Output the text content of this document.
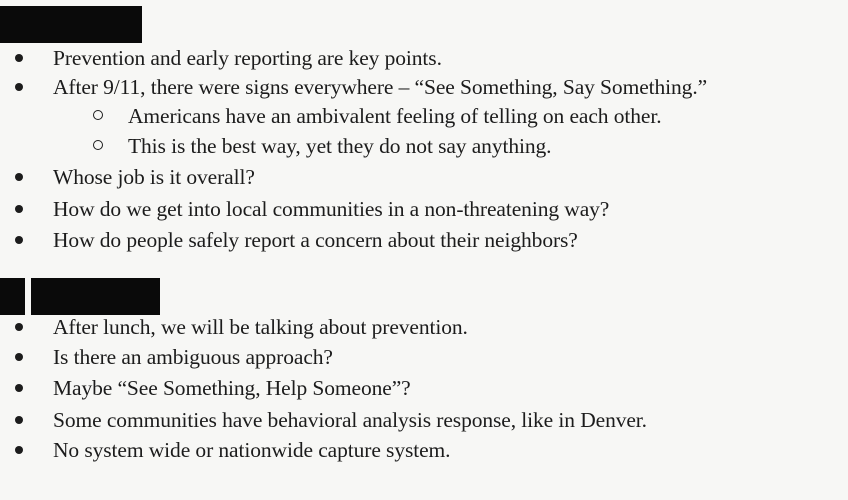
Prevention and early reporting are key points.
After 9/11, there were signs everywhere – “See Something, Say Something.”
Americans have an ambivalent feeling of telling on each other.
This is the best way, yet they do not say anything.
Whose job is it overall?
How do we get into local communities in a non-threatening way?
How do people safely report a concern about their neighbors?
After lunch, we will be talking about prevention.
Is there an ambiguous approach?
Maybe “See Something, Help Someone”?
Some communities have behavioral analysis response, like in Denver.
No system wide or nationwide capture system.
